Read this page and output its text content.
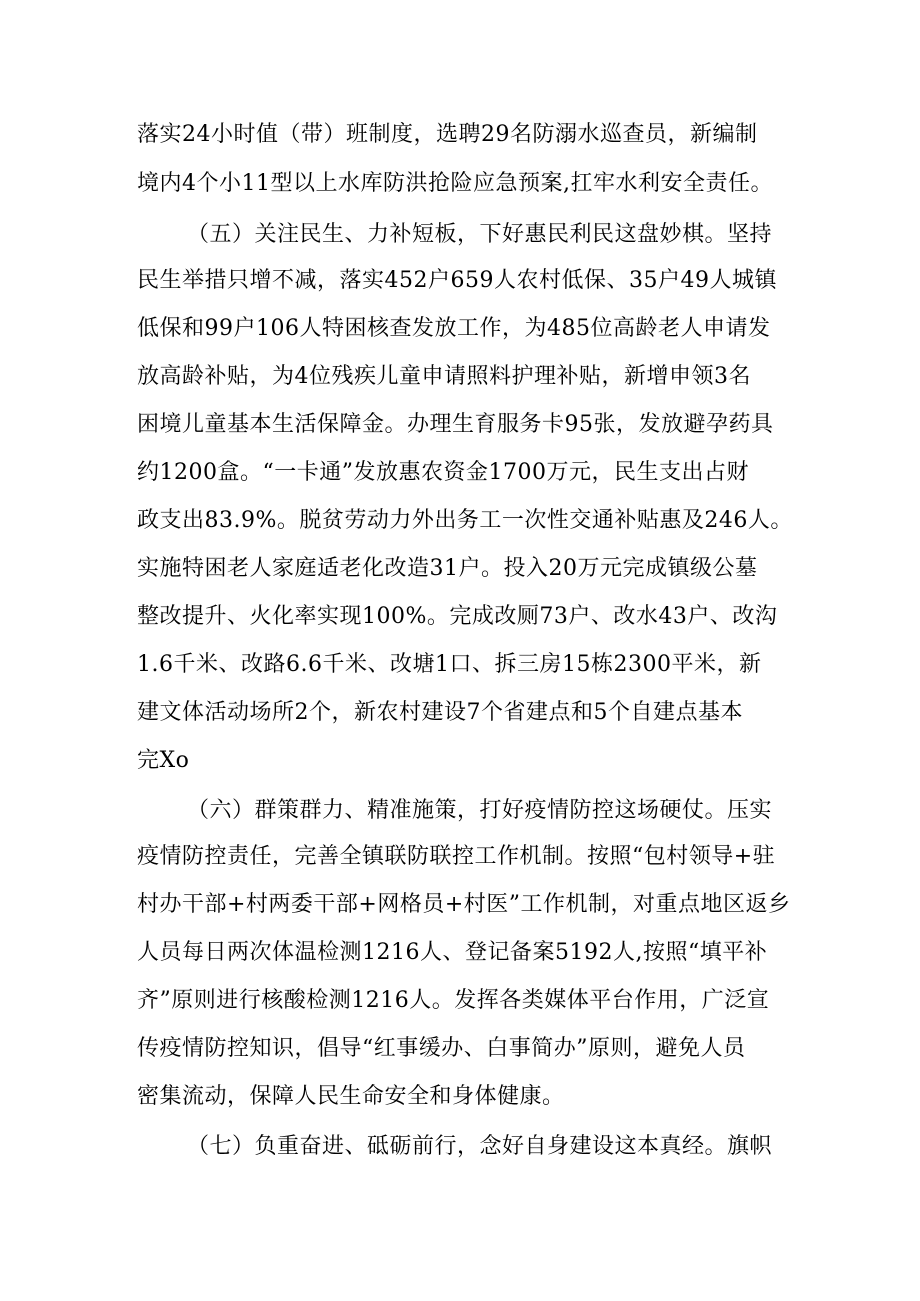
落实24小时值（带）班制度，选聘29名防溺水巡查员，新编制
境内4个小11型以上水库防洪抢险应急预案,扛牢水利安全责任。
（五）关注民生、力补短板，下好惠民利民这盘妙棋。坚持
民生举措只增不减，落实452户659人农村低保、35户49人城镇
低保和99户106人特困核查发放工作，为485位高龄老人申请发
放高龄补贴，为4位残疾儿童申请照料护理补贴，新增申领3名
困境儿童基本生活保障金。办理生育服务卡95张，发放避孕药具
约1200盒。“一卡通”发放惠农资金1700万元，民生支出占财
政支出83.9%。脱贫劳动力外出务工一次性交通补贴惠及246人。
实施特困老人家庭适老化改造31户。投入20万元完成镇级公墓
整改提升、火化率实现100%。完成改厕73户、改水43户、改沟
1.6千米、改路6.6千米、改塘1口、拆三房15栋2300平米，新
建文体活动场所2个，新农村建设7个省建点和5个自建点基本
完Xo
（六）群策群力、精准施策，打好疫情防控这场硬仗。压实
疫情防控责任，完善全镇联防联控工作机制。按照“包村领导+驻
村办干部+村两委干部+网格员+村医”工作机制，对重点地区返乡
人员每日两次体温检测1216人、登记备案5192人,按照“填平补
齐”原则进行核酸检测1216人。发挥各类媒体平台作用，广泛宣
传疫情防控知识，倡导“红事缓办、白事简办”原则，避免人员
密集流动，保障人民生命安全和身体健康。
（七）负重奋进、砥砺前行，念好自身建设这本真经。旗帜
